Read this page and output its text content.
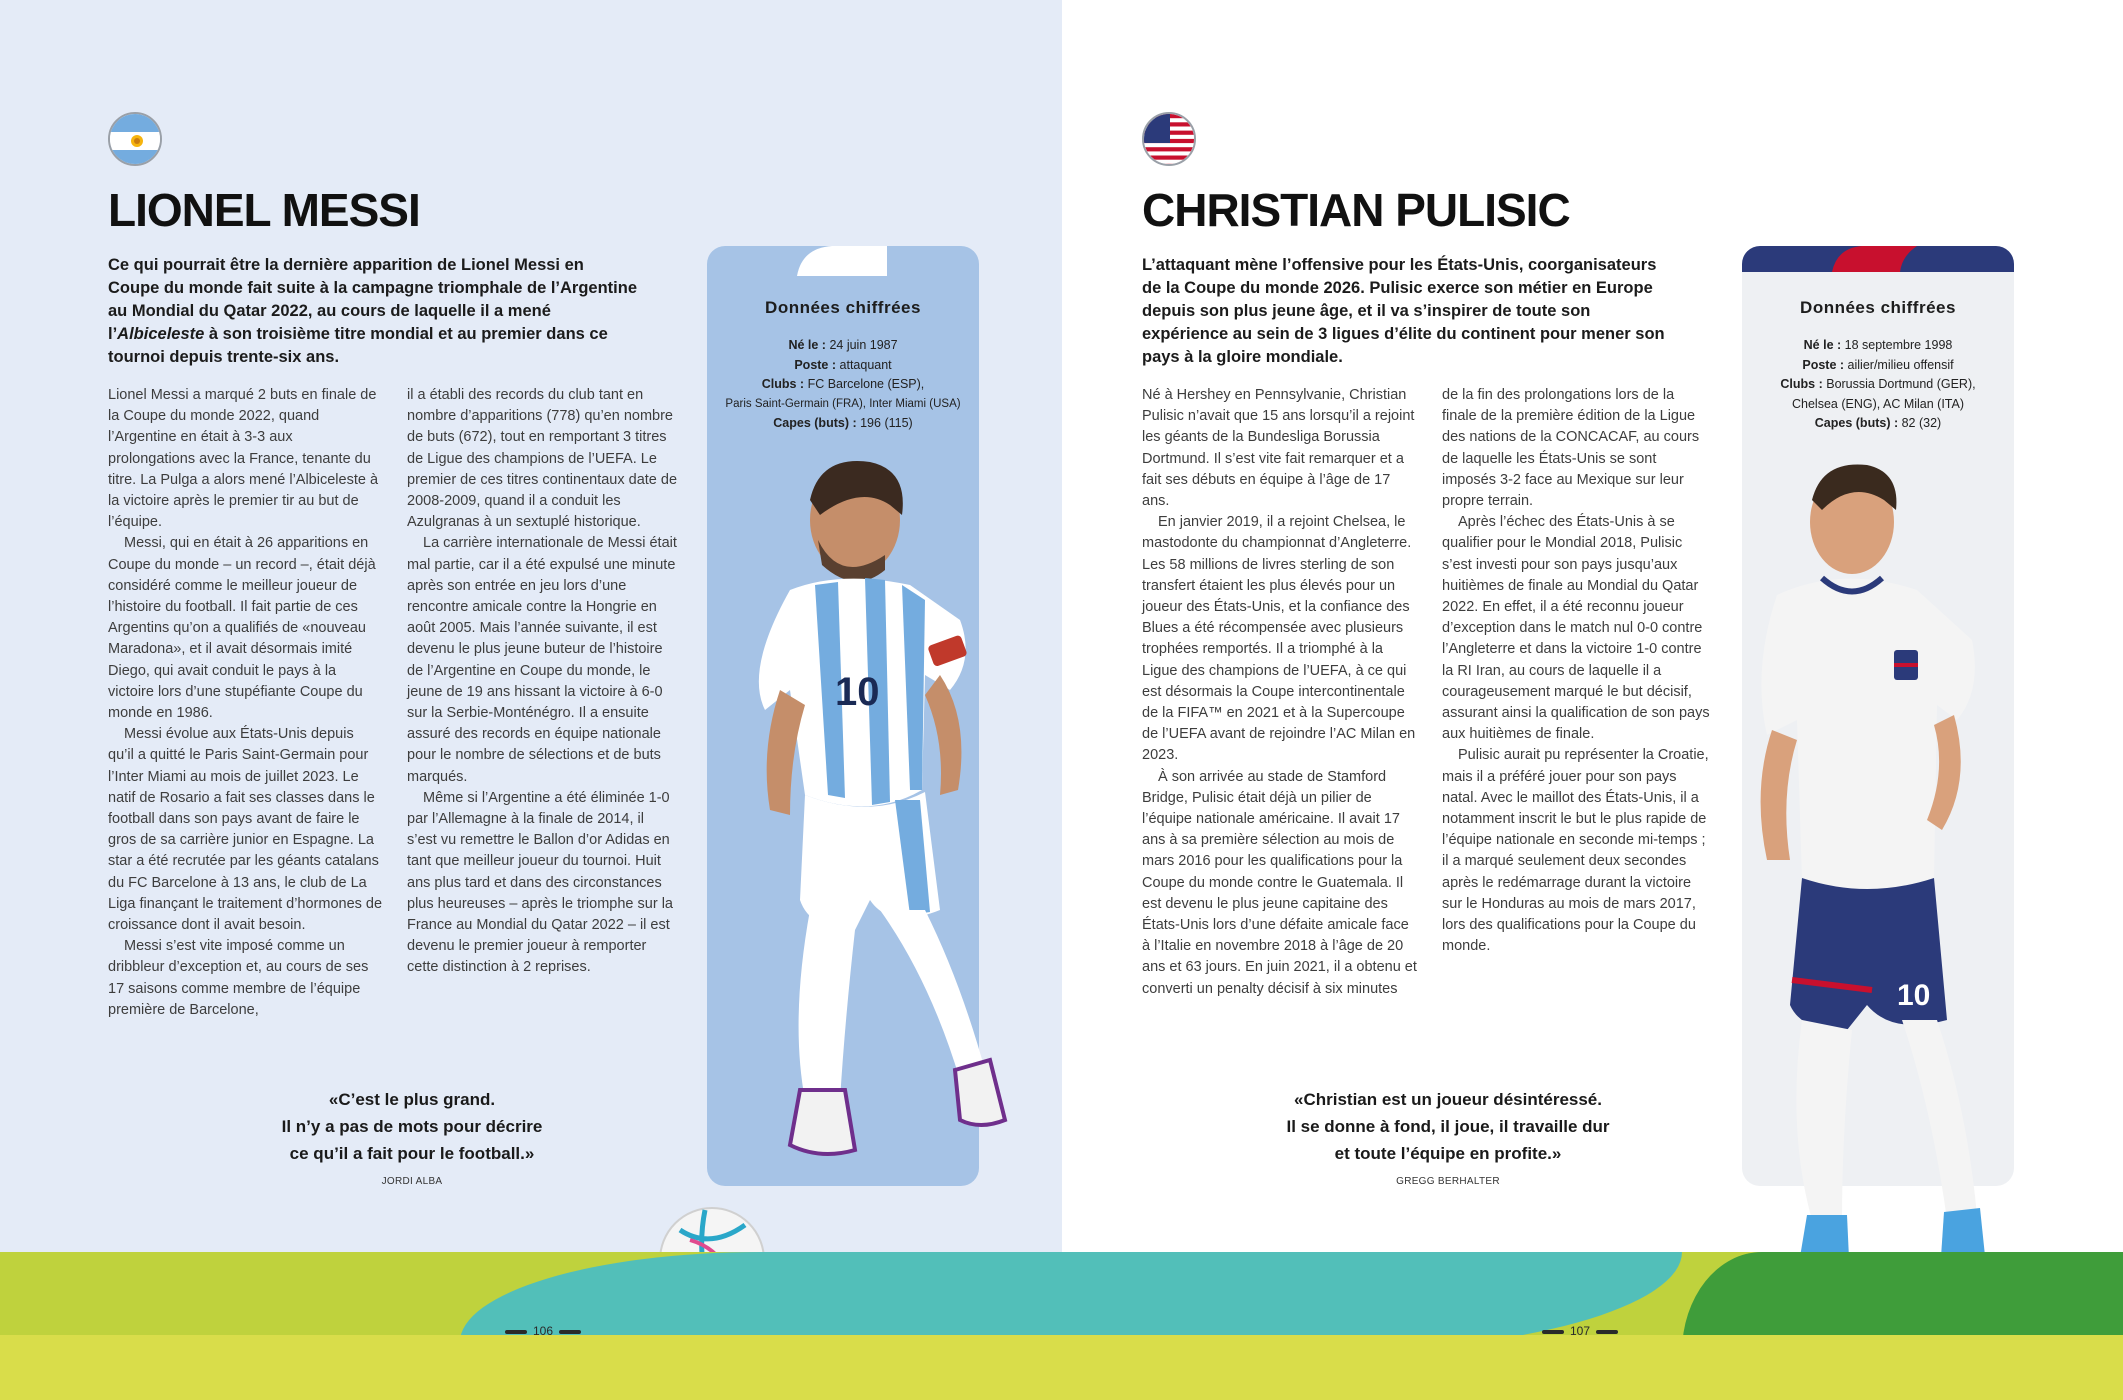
LIONEL MESSI
Ce qui pourrait être la dernière apparition de Lionel Messi en Coupe du monde fait suite à la campagne triomphale de l’Argentine au Mondial du Qatar 2022, au cours de laquelle il a mené l’Albiceleste à son troisième titre mondial et au premier dans ce tournoi depuis trente-six ans.

Lionel Messi a marqué 2 buts en finale de la Coupe du monde 2022, quand l’Argentine en était à 3-3 aux prolongations avec la France, tenante du titre. La Pulga a alors mené l’Albiceleste à la victoire après le premier tir au but de l’équipe.

Messi, qui en était à 26 apparitions en Coupe du monde – un record –, était déjà considéré comme le meilleur joueur de l’histoire du football. Il fait partie de ces Argentins qu’on a qualifiés de «nouveau Maradona», et il avait désormais imité Diego, qui avait conduit le pays à la victoire lors d’une stupéfiante Coupe du monde en 1986.

Messi évolue aux États-Unis depuis qu’il a quitté le Paris Saint-Germain pour l’Inter Miami au mois de juillet 2023. Le natif de Rosario a fait ses classes dans le football dans son pays avant de faire le gros de sa carrière junior en Espagne. La star a été recrutée par les géants catalans du FC Barcelone à 13 ans, le club de La Liga finançant le traitement d’hormones de croissance dont il avait besoin.

Messi s’est vite imposé comme un dribbleur d’exception et, au cours de ses 17 saisons comme membre de l’équipe première de Barcelone,

il a établi des records du club tant en nombre d’apparitions (778) qu’en nombre de buts (672), tout en remportant 3 titres de Ligue des champions de l’UEFA. Le premier de ces titres continentaux date de 2008-2009, quand il a conduit les Azulgranas à un sextuplé historique.

La carrière internationale de Messi était mal partie, car il a été expulsé une minute après son entrée en jeu lors d’une rencontre amicale contre la Hongrie en août 2005. Mais l’année suivante, il est devenu le plus jeune buteur de l’histoire de l’Argentine en Coupe du monde, le jeune de 19 ans hissant la victoire à 6-0 sur la Serbie-Monténégro. Il a ensuite assuré des records en équipe nationale pour le nombre de sélections et de buts marqués.

Même si l’Argentine a été éliminée 1-0 par l’Allemagne à la finale de 2014, il s’est vu remettre le Ballon d’or Adidas en tant que meilleur joueur du tournoi. Huit ans plus tard et dans des circonstances plus heureuses – après le triomphe sur la France au Mondial du Qatar 2022 – il est devenu le premier joueur à remporter cette distinction à 2 reprises.

Données chiffrées
Né le : 24 juin 1987
Poste : attaquant
Clubs : FC Barcelone (ESP),
Paris Saint-Germain (FRA), Inter Miami (USA)
Capes (buts) : 196 (115)
10
«C’est le plus grand.
Il n’y a pas de mots pour décrire
ce qu’il a fait pour le football.»
JORDI ALBA
106
CHRISTIAN PULISIC
L’attaquant mène l’offensive pour les États-Unis, coorganisateurs de la Coupe du monde 2026. Pulisic exerce son métier en Europe depuis son plus jeune âge, et il va s’inspirer de toute son expérience au sein de 3 ligues d’élite du continent pour mener son pays à la gloire mondiale.

Né à Hershey en Pennsylvanie, Christian Pulisic n’avait que 15 ans lorsqu’il a rejoint les géants de la Bundesliga Borussia Dortmund. Il s’est vite fait remarquer et a fait ses débuts en équipe à l’âge de 17 ans.

En janvier 2019, il a rejoint Chelsea, le mastodonte du championnat d’Angleterre. Les 58 millions de livres sterling de son transfert étaient les plus élevés pour un joueur des États-Unis, et la confiance des Blues a été récompensée avec plusieurs trophées remportés. Il a triomphé à la Ligue des champions de l’UEFA, à ce qui est désormais la Coupe intercontinentale de la FIFA™ en 2021 et à la Supercoupe de l’UEFA avant de rejoindre l’AC Milan en 2023.

À son arrivée au stade de Stamford Bridge, Pulisic était déjà un pilier de l’équipe nationale américaine. Il avait 17 ans à sa première sélection au mois de mars 2016 pour les qualifications pour la Coupe du monde contre le Guatemala. Il est devenu le plus jeune capitaine des États-Unis lors d’une défaite amicale face à l’Italie en novembre 2018 à l’âge de 20 ans et 63 jours. En juin 2021, il a obtenu et converti un penalty décisif à six minutes

de la fin des prolongations lors de la finale de la première édition de la Ligue des nations de la CONCACAF, au cours de laquelle les États-Unis se sont imposés 3-2 face au Mexique sur leur propre terrain.

Après l’échec des États-Unis à se qualifier pour le Mondial 2018, Pulisic s’est investi pour son pays jusqu’aux huitièmes de finale au Mondial du Qatar 2022. En effet, il a été reconnu joueur d’exception dans le match nul 0-0 contre l’Angleterre et dans la victoire 1-0 contre la RI Iran, au cours de laquelle il a courageusement marqué le but décisif, assurant ainsi la qualification de son pays aux huitièmes de finale.

Pulisic aurait pu représenter la Croatie, mais il a préféré jouer pour son pays natal. Avec le maillot des États-Unis, il a notamment inscrit le but le plus rapide de l’équipe nationale en seconde mi-temps ; il a marqué seulement deux secondes après le redémarrage durant la victoire sur le Honduras au mois de mars 2017, lors des qualifications pour la Coupe du monde.

Données chiffrées
Né le : 18 septembre 1998
Poste : ailier/milieu offensif
Clubs : Borussia Dortmund (GER),
Chelsea (ENG), AC Milan (ITA)
Capes (buts) : 82 (32)
10
«Christian est un joueur désintéressé.
Il se donne à fond, il joue, il travaille dur
et toute l’équipe en profite.»
GREGG BERHALTER
107
